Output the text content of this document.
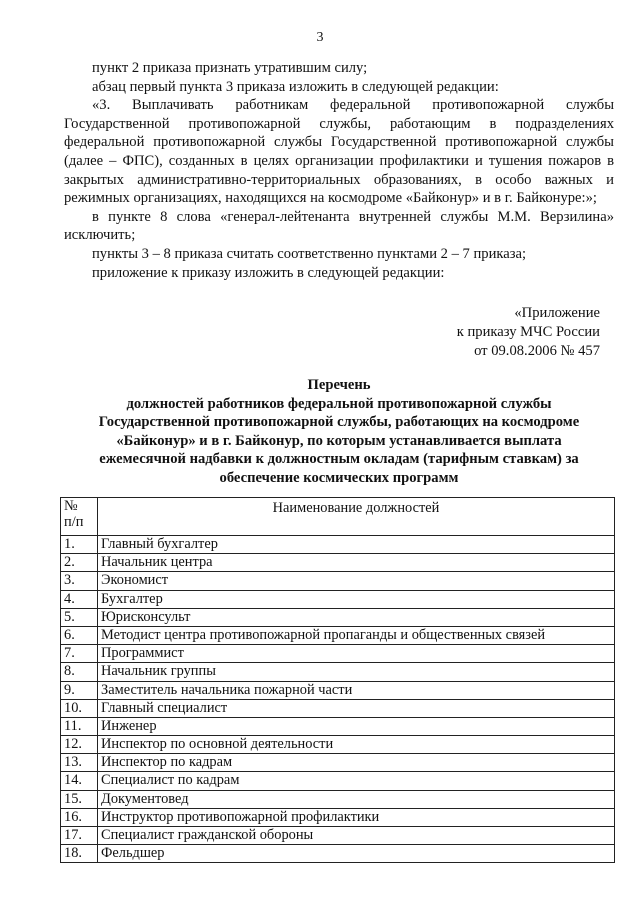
3

пункт 2 приказа признать утратившим силу;

абзац первый пункта 3 приказа изложить в следующей редакции:

«3. Выплачивать работникам федеральной противопожарной службы Государственной противопожарной службы, работающим в подразделениях федеральной противопожарной службы Государственной противопожарной службы (далее – ФПС), созданных в целях организации профилактики и тушения пожаров в закрытых административно-территориальных образованиях, в особо важных и режимных организациях, находящихся на космодроме «Байконур» и в г. Байконуре:»;

в пункте 8 слова «генерал-лейтенанта внутренней службы М.М. Верзилина» исключить;

пункты 3 – 8 приказа считать соответственно пунктами 2 – 7 приказа;

приложение к приказу изложить в следующей редакции:

«Приложение
к приказу МЧС России
от 09.08.2006 № 457
Перечень
должностей работников федеральной противопожарной службы
Государственной противопожарной службы, работающих на космодроме
«Байконур» и в г. Байконур, по которым устанавливается выплата
ежемесячной надбавки к должностным окладам (тарифным ставкам) за
обеспечение космических программ
№
п/п	Наименование должностей
1.	Главный бухгалтер
2.	Начальник центра
3.	Экономист
4.	Бухгалтер
5.	Юрисконсульт
6.	Методист центра противопожарной пропаганды и общественных связей
7.	Программист
8.	Начальник группы
9.	Заместитель начальника пожарной части
10.	Главный специалист
11.	Инженер
12.	Инспектор по основной деятельности
13.	Инспектор по кадрам
14.	Специалист по кадрам
15.	Документовед
16.	Инструктор противопожарной профилактики
17.	Специалист гражданской обороны
18.	Фельдшер
